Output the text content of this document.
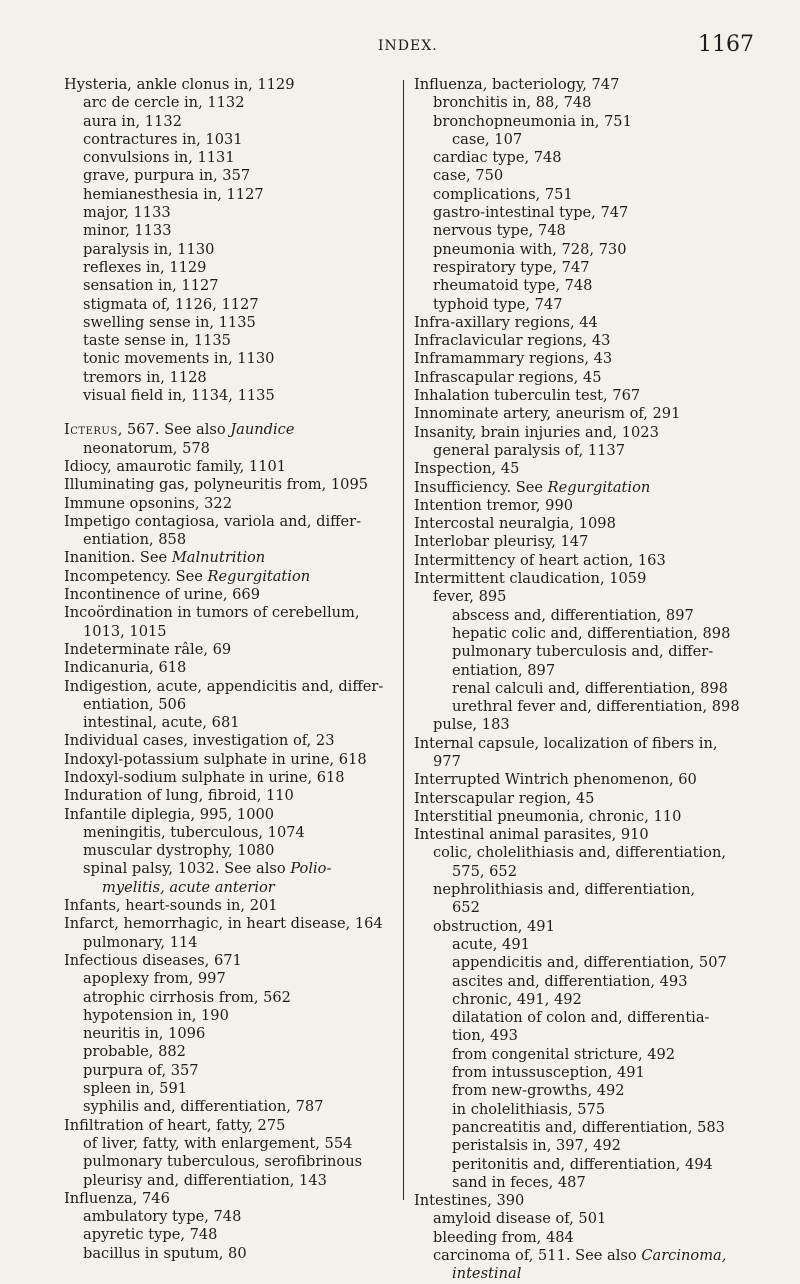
INDEX.	1167
Hysteria, ankle clonus in, 1129
arc de cercle in, 1132
aura in, 1132
contractures in, 1031
convulsions in, 1131
grave, purpura in, 357
hemianesthesia in, 1127
major, 1133
minor, 1133
paralysis in, 1130
reflexes in, 1129
sensation in, 1127
stigmata of, 1126, 1127
swelling sense in, 1135
taste sense in, 1135
tonic movements in, 1130
tremors in, 1128
visual field in, 1134, 1135
Icterus, 567. See also Jaundice
neonatorum, 578
Idiocy, amaurotic family, 1101
Illuminating gas, polyneuritis from, 1095
Immune opsonins, 322
Impetigo contagiosa, variola and, differ-
entiation, 858
Inanition. See Malnutrition
Incompetency. See Regurgitation
Incontinence of urine, 669
Incoördination in tumors of cerebellum,
1013, 1015
Indeterminate râle, 69
Indicanuria, 618
Indigestion, acute, appendicitis and, differ-
entiation, 506
intestinal, acute, 681
Individual cases, investigation of, 23
Indoxyl-potassium sulphate in urine, 618
Indoxyl-sodium sulphate in urine, 618
Induration of lung, fibroid, 110
Infantile diplegia, 995, 1000
meningitis, tuberculous, 1074
muscular dystrophy, 1080
spinal palsy, 1032. See also Polio-
myelitis, acute anterior
Infants, heart-sounds in, 201
Infarct, hemorrhagic, in heart disease, 164
pulmonary, 114
Infectious diseases, 671
apoplexy from, 997
atrophic cirrhosis from, 562
hypotension in, 190
neuritis in, 1096
probable, 882
purpura of, 357
spleen in, 591
syphilis and, differentiation, 787
Infiltration of heart, fatty, 275
of liver, fatty, with enlargement, 554
pulmonary tuberculous, serofibrinous
pleurisy and, differentiation, 143
Influenza, 746
ambulatory type, 748
apyretic type, 748
bacillus in sputum, 80
Influenza, bacteriology, 747
bronchitis in, 88, 748
bronchopneumonia in, 751
case, 107
cardiac type, 748
case, 750
complications, 751
gastro-intestinal type, 747
nervous type, 748
pneumonia with, 728, 730
respiratory type, 747
rheumatoid type, 748
typhoid type, 747
Infra-axillary regions, 44
Infraclavicular regions, 43
Inframammary regions, 43
Infrascapular regions, 45
Inhalation tuberculin test, 767
Innominate artery, aneurism of, 291
Insanity, brain injuries and, 1023
general paralysis of, 1137
Inspection, 45
Insufficiency. See Regurgitation
Intention tremor, 990
Intercostal neuralgia, 1098
Interlobar pleurisy, 147
Intermittency of heart action, 163
Intermittent claudication, 1059
fever, 895
abscess and, differentiation, 897
hepatic colic and, differentiation, 898
pulmonary tuberculosis and, differ-
entiation, 897
renal calculi and, differentiation, 898
urethral fever and, differentiation, 898
pulse, 183
Internal capsule, localization of fibers in,
977
Interrupted Wintrich phenomenon, 60
Interscapular region, 45
Interstitial pneumonia, chronic, 110
Intestinal animal parasites, 910
colic, cholelithiasis and, differentiation,
575, 652
nephrolithiasis and, differentiation,
652
obstruction, 491
acute, 491
appendicitis and, differentiation, 507
ascites and, differentiation, 493
chronic, 491, 492
dilatation of colon and, differentia-
tion, 493
from congenital stricture, 492
from intussusception, 491
from new-growths, 492
in cholelithiasis, 575
pancreatitis and, differentiation, 583
peristalsis in, 397, 492
peritonitis and, differentiation, 494
sand in feces, 487
Intestines, 390
amyloid disease of, 501
bleeding from, 484
carcinoma of, 511. See also Carcinoma,
intestinal
